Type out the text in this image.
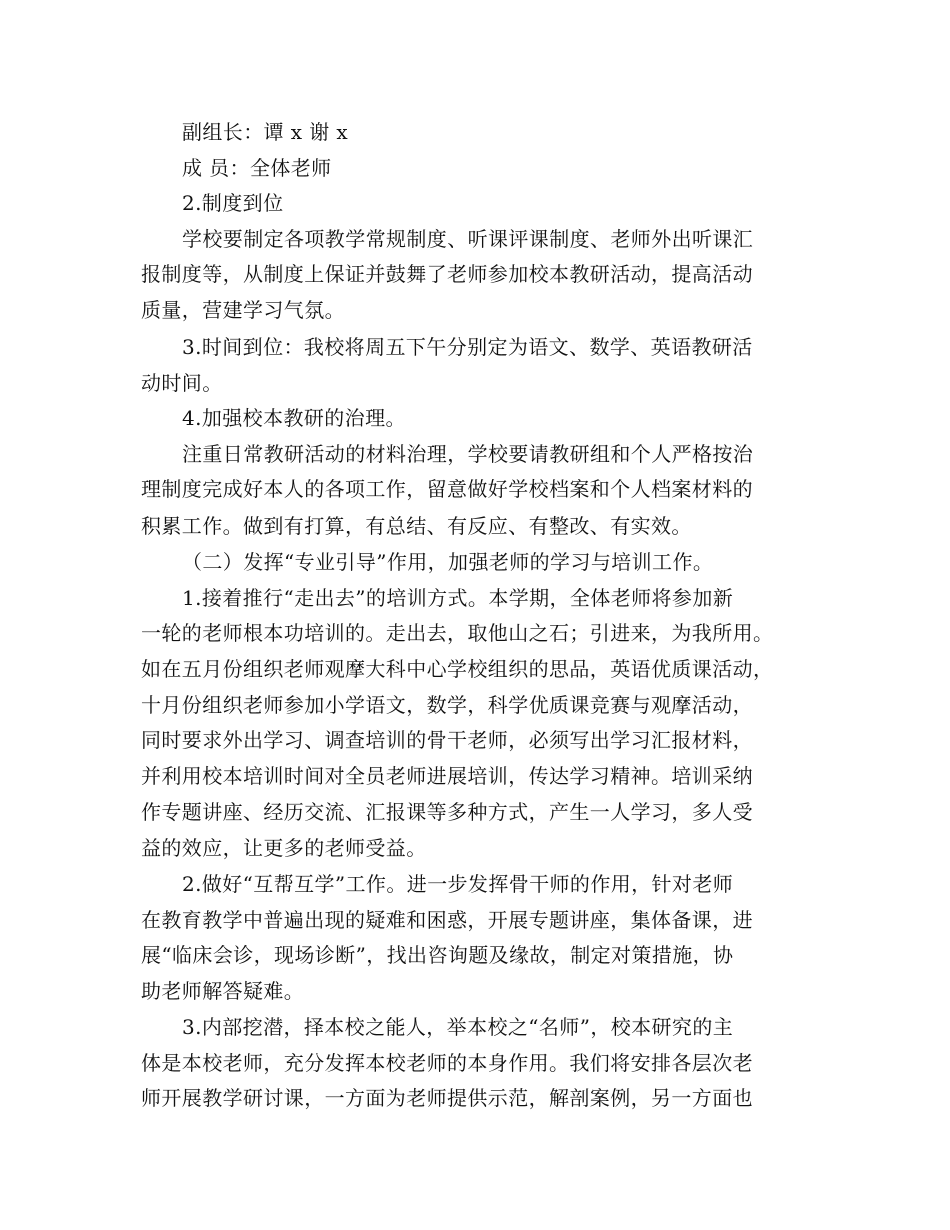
副组长：谭 x 谢 x
成 员：全体老师
2.制度到位
学校要制定各项教学常规制度、听课评课制度、老师外出听课汇
报制度等，从制度上保证并鼓舞了老师参加校本教研活动，提高活动
质量，营建学习气氛。
3.时间到位：我校将周五下午分别定为语文、数学、英语教研活
动时间。
4.加强校本教研的治理。
注重日常教研活动的材料治理，学校要请教研组和个人严格按治
理制度完成好本人的各项工作，留意做好学校档案和个人档案材料的
积累工作。做到有打算，有总结、有反应、有整改、有实效。
（二）发挥“专业引导”作用，加强老师的学习与培训工作。
1.接着推行“走出去”的培训方式。本学期，全体老师将参加新
一轮的老师根本功培训的。走出去，取他山之石；引进来，为我所用。
如在五月份组织老师观摩大科中心学校组织的思品，英语优质课活动，
十月份组织老师参加小学语文，数学，科学优质课竞赛与观摩活动，
同时要求外出学习、调查培训的骨干老师，必须写出学习汇报材料，
并利用校本培训时间对全员老师进展培训，传达学习精神。培训采纳
作专题讲座、经历交流、汇报课等多种方式，产生一人学习，多人受
益的效应，让更多的老师受益。
2.做好“互帮互学”工作。进一步发挥骨干师的作用，针对老师
在教育教学中普遍出现的疑难和困惑，开展专题讲座，集体备课，进
展“临床会诊，现场诊断”，找出咨询题及缘故，制定对策措施，协
助老师解答疑难。
3.内部挖潜，择本校之能人，举本校之“名师”，校本研究的主
体是本校老师，充分发挥本校老师的本身作用。我们将安排各层次老
师开展教学研讨课，一方面为老师提供示范，解剖案例，另一方面也
